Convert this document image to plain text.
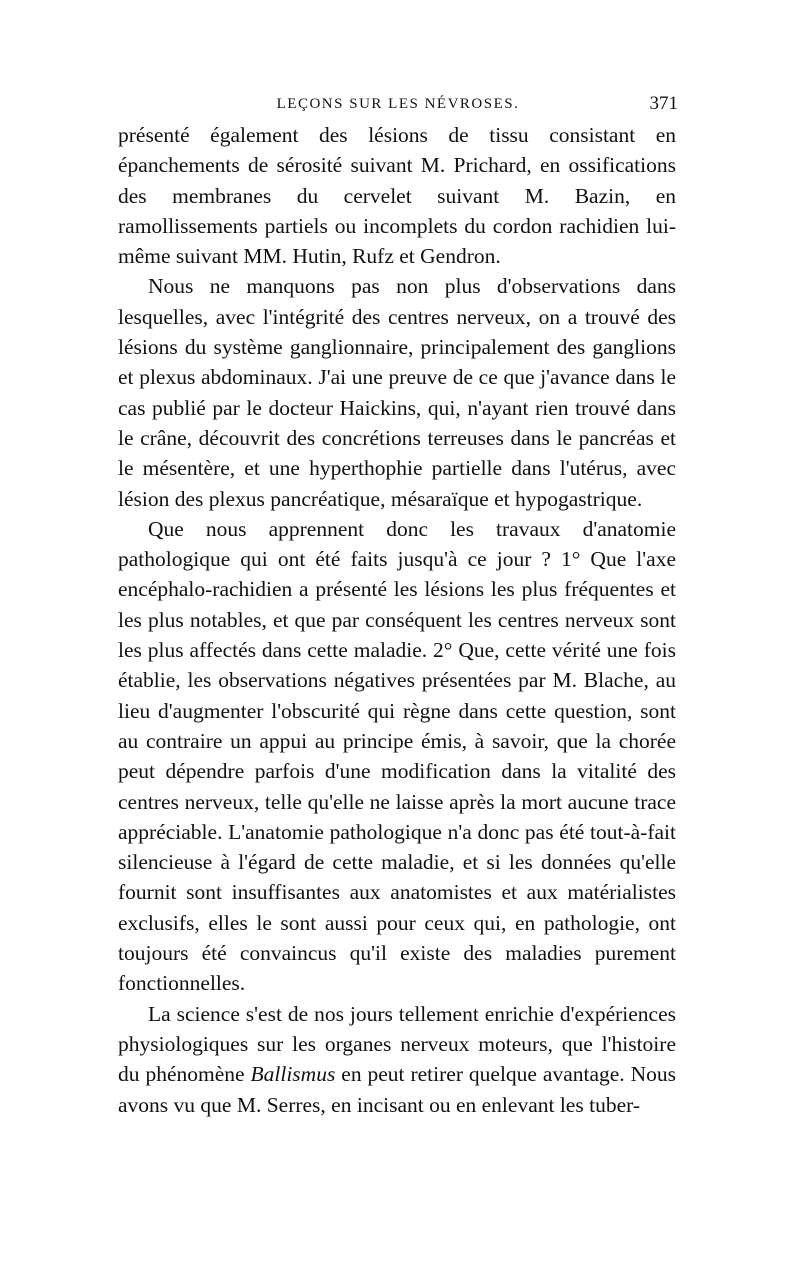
LEÇONS SUR LES NÉVROSES.	371

présenté également des lésions de tissu consistant en épanchements de sérosité suivant M. Prichard, en ossifications des membranes du cervelet suivant M. Bazin, en ramollissements partiels ou incomplets du cordon rachidien lui-même suivant MM. Hutin, Rufz et Gendron.

Nous ne manquons pas non plus d'observations dans lesquelles, avec l'intégrité des centres nerveux, on a trouvé des lésions du système ganglionnaire, principalement des ganglions et plexus abdominaux. J'ai une preuve de ce que j'avance dans le cas publié par le docteur Haickins, qui, n'ayant rien trouvé dans le crâne, découvrit des concrétions terreuses dans le pancréas et le mésentère, et une hyperthophie partielle dans l'utérus, avec lésion des plexus pancréatique, mésaraïque et hypogastrique.

Que nous apprennent donc les travaux d'anatomie pathologique qui ont été faits jusqu'à ce jour ? 1° Que l'axe encéphalo-rachidien a présenté les lésions les plus fréquentes et les plus notables, et que par conséquent les centres nerveux sont les plus affectés dans cette maladie. 2° Que, cette vérité une fois établie, les observations négatives présentées par M. Blache, au lieu d'augmenter l'obscurité qui règne dans cette question, sont au contraire un appui au principe émis, à savoir, que la chorée peut dépendre parfois d'une modification dans la vitalité des centres nerveux, telle qu'elle ne laisse après la mort aucune trace appréciable. L'anatomie pathologique n'a donc pas été tout-à-fait silencieuse à l'égard de cette maladie, et si les données qu'elle fournit sont insuffisantes aux anatomistes et aux matérialistes exclusifs, elles le sont aussi pour ceux qui, en pathologie, ont toujours été convaincus qu'il existe des maladies purement fonctionnelles.

La science s'est de nos jours tellement enrichie d'expériences physiologiques sur les organes nerveux moteurs, que l'histoire du phénomène Ballismus en peut retirer quelque avantage. Nous avons vu que M. Serres, en incisant ou en enlevant les tuber-
